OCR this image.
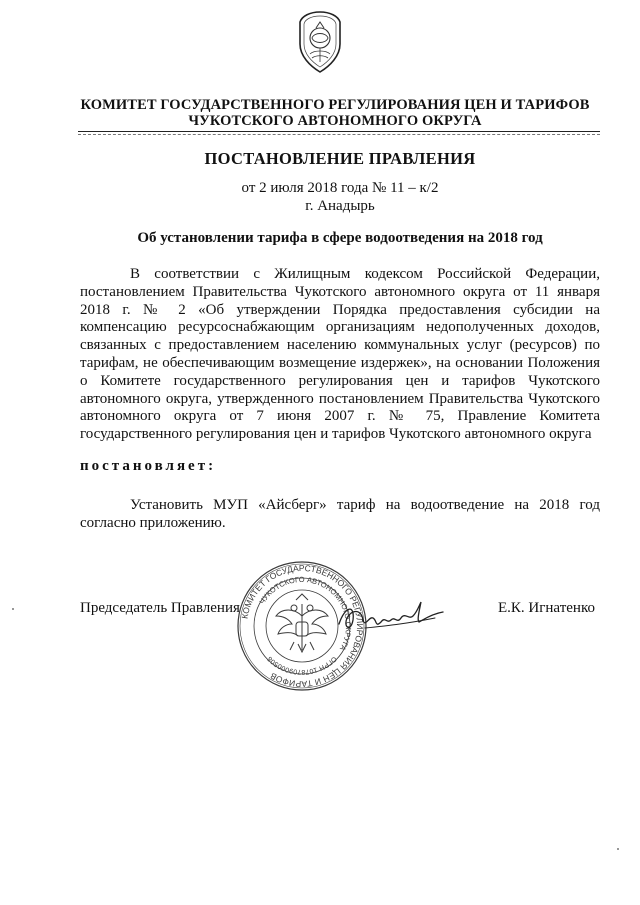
КОМИТЕТ ГОСУДАРСТВЕННОГО РЕГУЛИРОВАНИЯ ЦЕН И ТАРИФОВ
ЧУКОТСКОГО АВТОНОМНОГО ОКРУГА
ПОСТАНОВЛЕНИЕ ПРАВЛЕНИЯ
от 2 июля 2018 года № 11 – к/2
г. Анадырь
Об установлении тарифа в сфере водоотведения на 2018 год

В соответствии с Жилищным кодексом Российской Федерации, постановлением Правительства Чукотского автономного округа от 11 января 2018 г. № 2 «Об утверждении Порядка предоставления субсидии на компенсацию ресурсоснабжающим организациям недополученных доходов, связанных с предоставлением населению коммунальных услуг (ресурсов) по тарифам, не обеспечивающим возмещение издержек», на основании Положения о Комитете государственного регулирования цен и тарифов Чукотского автономного округа, утвержденного постановлением Правительства Чукотского автономного округа от 7 июня 2007 г. № 75, Правление Комитета государственного регулирования цен и тарифов Чукотского автономного округа

постановляет:

Установить МУП «Айсберг» тариф на водоотведение на 2018 год согласно приложению.

Председатель Правления	Е.К. Игнатенко
КОМИТЕТ ГОСУДАРСТВЕННОГО РЕГУЛИРОВАНИЯ ЦЕН И ТАРИФОВ
ЧУКОТСКОГО АВТОНОМНОГО ОКРУГА
ОГРН 1078709000508
